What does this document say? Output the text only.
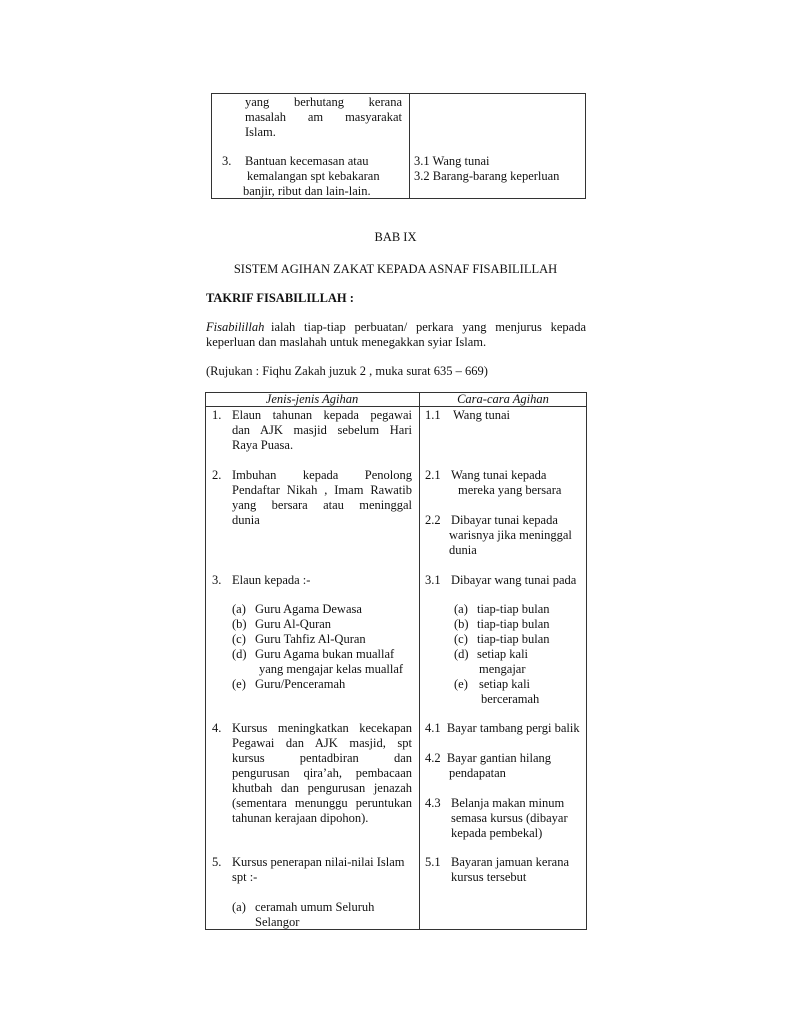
yang berhutang kerana
masalah am masyarakat
Islam.
3. Bantuan kecemasan atau
kemalangan spt kebakaran
banjir, ribut dan lain-lain.
3.1 Wang tunai
3.2 Barang-barang keperluan
BAB IX
SISTEM AGIHAN ZAKAT KEPADA ASNAF FISABILILLAH
TAKRIF FISABILILLAH :
Fisabilillah ialah tiap-tiap perbuatan/ perkara yang menjurus kepada
keperluan dan maslahah untuk menegakkan syiar Islam.
(Rujukan : Fiqhu Zakah juzuk 2 , muka surat 635 – 669)
Jenis-jenis Agihan	Cara-cara Agihan
1. Elaun tahunan kepada pegawai
dan AJK masjid sebelum Hari
Raya Puasa.
1.1 Wang tunai
2. Imbuhan kepada Penolong
Pendaftar Nikah , Imam Rawatib
yang bersara atau meninggal
dunia
2.1 Wang tunai kepada
mereka yang bersara
2.2 Dibayar tunai kepada
warisnya jika meninggal
dunia
3. Elaun kepada :-
(a) Guru Agama Dewasa
(b) Guru Al-Quran
(c) Guru Tahfiz Al-Quran
(d) Guru Agama bukan muallaf
yang mengajar kelas muallaf
(e) Guru/Penceramah
3.1 Dibayar wang tunai pada
(a) tiap-tiap bulan
(b) tiap-tiap bulan
(c) tiap-tiap bulan
(d) setiap kali
mengajar
(e) setiap kali
berceramah
4. Kursus meningkatkan kecekapan
Pegawai dan AJK masjid, spt
kursus pentadbiran dan
pengurusan qira’ah, pembacaan
khutbah dan pengurusan jenazah
(sementara menunggu peruntukan
tahunan kerajaan dipohon).
4.1  Bayar tambang pergi balik
4.2  Bayar gantian hilang
pendapatan
4.3 Belanja makan minum
semasa kursus (dibayar
kepada pembekal)
5. Kursus penerapan nilai-nilai Islam
spt :-
(a) ceramah umum Seluruh
Selangor
5.1 Bayaran jamuan kerana
kursus tersebut
